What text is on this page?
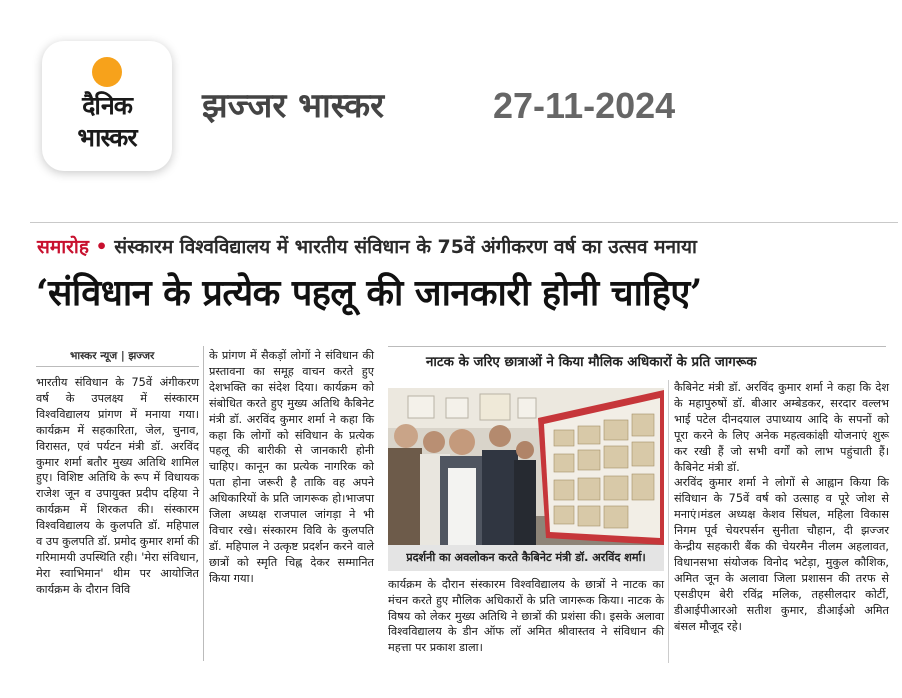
दैनिक
भास्कर
झज्जर भास्कर	27-11-2024
समारोह • संस्कारम विश्वविद्यालय में भारतीय संविधान के 75वें अंगीकरण वर्ष का उत्सव मनाया
‘संविधान के प्रत्येक पहलू की जानकारी होनी चाहिए’
भास्कर न्यूज | झज्जर

भारतीय संविधान के 75वें अंगीकरण वर्ष के उपलक्ष्य में संस्कारम विश्वविद्यालय प्रांगण में मनाया गया। कार्यक्रम में सहकारिता, जेल, चुनाव, विरासत, एवं पर्यटन मंत्री डॉ. अरविंद कुमार शर्मा बतौर मुख्य अतिथि शामिल हुए। विशिष्ट अतिथि के रूप में विधायक राजेश जून व उपायुक्त प्रदीप दहिया ने कार्यक्रम में शिरकत की। संस्कारम विश्वविद्यालय के कुलपति डॉ. महिपाल व उप कुलपति डॉ. प्रमोद कुमार शर्मा की गरिमामयी उपस्थिति रही। 'मेरा संविधान, मेरा स्वाभिमान' थीम पर आयोजित कार्यक्रम के दौरान विवि

के प्रांगण में सैकड़ों लोगों ने संविधान की प्रस्तावना का समूह वाचन करते हुए देशभक्ति का संदेश दिया। कार्यक्रम को संबोधित करते हुए मुख्य अतिथि कैबिनेट मंत्री डॉ. अरविंद कुमार शर्मा ने कहा कि कहा कि लोगों को संविधान के प्रत्येक पहलू की बारीकी से जानकारी होनी चाहिए। कानून का प्रत्येक नागरिक को पता होना जरूरी है ताकि वह अपने अधिकारियों के प्रति जागरूक हो।भाजपा जिला अध्यक्ष राजपाल जांगड़ा ने भी विचार रखे। संस्कारम विवि के कुलपति डॉ. महिपाल ने उत्कृष्ट प्रदर्शन करने वाले छात्रों को स्मृति चिह्न देकर सम्मानित किया गया।

नाटक के जरिए छात्राओं ने किया मौलिक अधिकारों के प्रति जागरूक
प्रदर्शनी का अवलोकन करते कैबिनेट मंत्री डॉ. अरविंद शर्मा।

कार्यक्रम के दौरान संस्कारम विश्वविद्यालय के छात्रों ने नाटक का मंचन करते हुए मौलिक अधिकारों के प्रति जागरूक किया। नाटक के विषय को लेकर मुख्य अतिथि ने छात्रों की प्रशंसा की। इसके अलावा विश्वविद्यालय के डीन ऑफ लॉ अमित श्रीवास्तव ने संविधान की महत्ता पर प्रकाश डाला।

कैबिनेट मंत्री डॉ. अरविंद कुमार शर्मा ने कहा कि देश के महापुरुषों डॉ. बीआर अम्बेडकर, सरदार वल्लभ भाई पटेल दीनदयाल उपाध्याय आदि के सपनों को पूरा करने के लिए अनेक महत्वकांक्षी योजनाएं शुरू कर रखी हैं जो सभी वर्गों को लाभ पहुंचाती हैं। कैबिनेट मंत्री डॉ.

अरविंद कुमार शर्मा ने लोगों से आह्वान किया कि संविधान के 75वें वर्ष को उत्साह व पूरे जोश से मनाएं।मंडल अध्यक्ष केशव सिंघल, महिला विकास निगम पूर्व चेयरपर्सन सुनीता चौहान, दी झज्जर केन्द्रीय सहकारी बैंक की चेयरमैन नीलम अहलावत, विधानसभा संयोजक विनोद भटेड़ा, मुकुल कौशिक, अमित जून के अलावा जिला प्रशासन की तरफ से एसडीएम बेरी रविंद्र मलिक, तहसीलदार कोर्टी, डीआईपीआरओ सतीश कुमार, डीआईओ अमित बंसल मौजूद रहे।
